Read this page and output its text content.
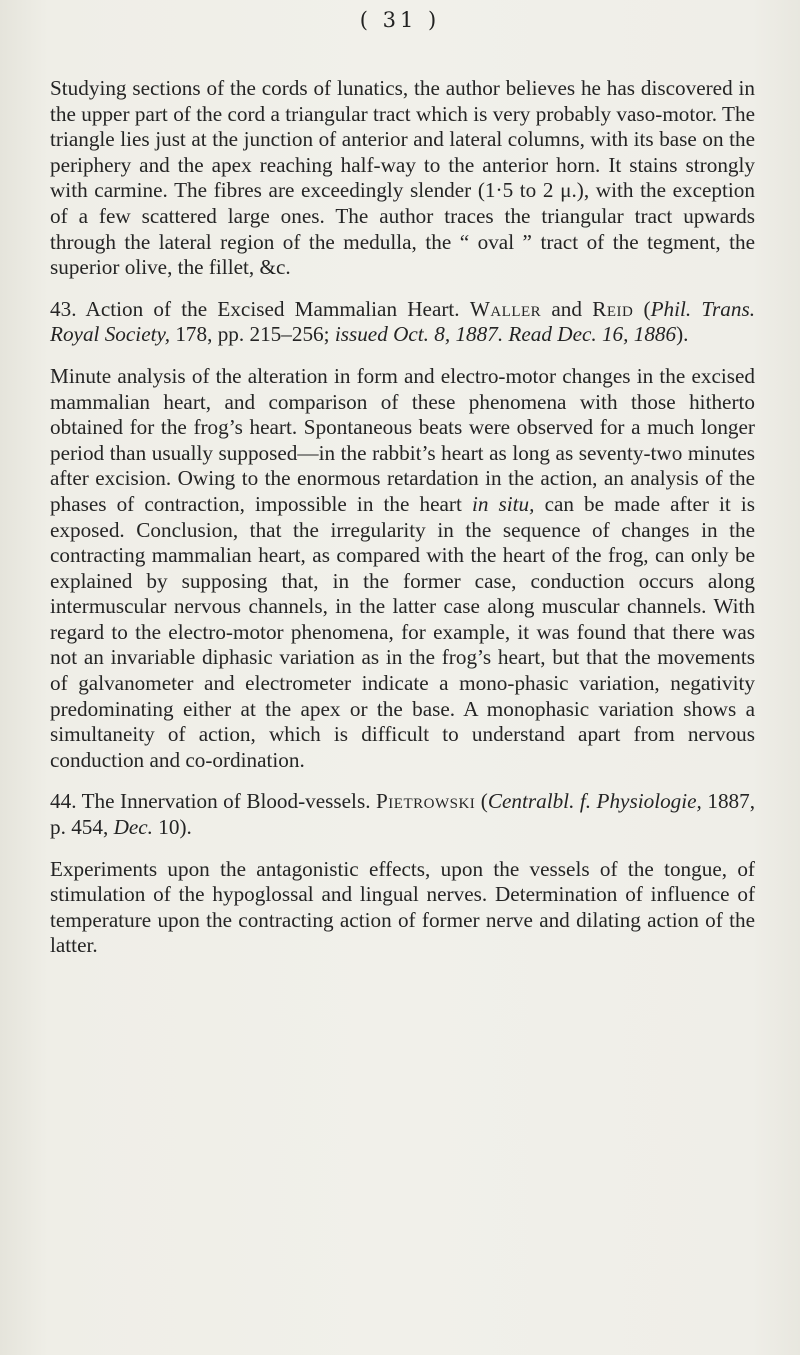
( 31 )

Studying sections of the cords of lunatics, the author believes he has discovered in the upper part of the cord a triangular tract which is very probably vaso-motor. The triangle lies just at the junction of anterior and lateral columns, with its base on the periphery and the apex reaching half-way to the anterior horn. It stains strongly with carmine. The fibres are exceedingly slender (1·5 to 2 μ.), with the exception of a few scattered large ones. The author traces the triangular tract upwards through the lateral region of the medulla, the “ oval ” tract of the tegment, the superior olive, the fillet, &c.

43. Action of the Excised Mammalian Heart. Waller and Reid (Phil. Trans. Royal Society, 178, pp. 215–256; issued Oct. 8, 1887. Read Dec. 16, 1886).

Minute analysis of the alteration in form and electro-motor changes in the excised mammalian heart, and comparison of these phenomena with those hitherto obtained for the frog’s heart. Spontaneous beats were observed for a much longer period than usually supposed—in the rabbit’s heart as long as seventy-two minutes after excision. Owing to the enormous retardation in the action, an analysis of the phases of contraction, impossible in the heart in situ, can be made after it is exposed. Conclusion, that the irregularity in the sequence of changes in the contracting mammalian heart, as compared with the heart of the frog, can only be explained by supposing that, in the former case, conduction occurs along intermuscular nervous channels, in the latter case along muscular channels. With regard to the electro-motor phenomena, for example, it was found that there was not an invariable diphasic variation as in the frog’s heart, but that the movements of galvanometer and electrometer indicate a mono-phasic variation, negativity predominating either at the apex or the base. A monophasic variation shows a simultaneity of action, which is difficult to understand apart from nervous conduction and co-ordination.

44. The Innervation of Blood-vessels. Pietrowski (Centralbl. f. Physiologie, 1887, p. 454, Dec. 10).

Experiments upon the antagonistic effects, upon the vessels of the tongue, of stimulation of the hypoglossal and lingual nerves. Determination of influence of temperature upon the contracting action of former nerve and dilating action of the latter.
